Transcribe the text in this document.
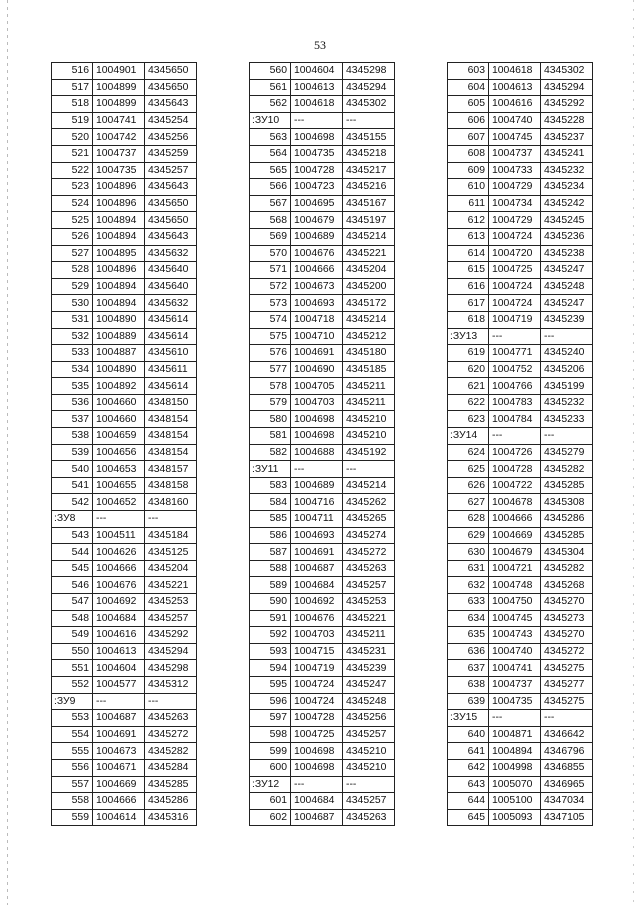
53
516	1004901	4345650
517	1004899	4345650
518	1004899	4345643
519	1004741	4345254
520	1004742	4345256
521	1004737	4345259
522	1004735	4345257
523	1004896	4345643
524	1004896	4345650
525	1004894	4345650
526	1004894	4345643
527	1004895	4345632
528	1004896	4345640
529	1004894	4345640
530	1004894	4345632
531	1004890	4345614
532	1004889	4345614
533	1004887	4345610
534	1004890	4345611
535	1004892	4345614
536	1004660	4348150
537	1004660	4348154
538	1004659	4348154
539	1004656	4348154
540	1004653	4348157
541	1004655	4348158
542	1004652	4348160
:ЗУ8	---	---
543	1004511	4345184
544	1004626	4345125
545	1004666	4345204
546	1004676	4345221
547	1004692	4345253
548	1004684	4345257
549	1004616	4345292
550	1004613	4345294
551	1004604	4345298
552	1004577	4345312
:ЗУ9	---	---
553	1004687	4345263
554	1004691	4345272
555	1004673	4345282
556	1004671	4345284
557	1004669	4345285
558	1004666	4345286
559	1004614	4345316
560	1004604	4345298
561	1004613	4345294
562	1004618	4345302
:ЗУ10	---	---
563	1004698	4345155
564	1004735	4345218
565	1004728	4345217
566	1004723	4345216
567	1004695	4345167
568	1004679	4345197
569	1004689	4345214
570	1004676	4345221
571	1004666	4345204
572	1004673	4345200
573	1004693	4345172
574	1004718	4345214
575	1004710	4345212
576	1004691	4345180
577	1004690	4345185
578	1004705	4345211
579	1004703	4345211
580	1004698	4345210
581	1004698	4345210
582	1004688	4345192
:ЗУ11	---	---
583	1004689	4345214
584	1004716	4345262
585	1004711	4345265
586	1004693	4345274
587	1004691	4345272
588	1004687	4345263
589	1004684	4345257
590	1004692	4345253
591	1004676	4345221
592	1004703	4345211
593	1004715	4345231
594	1004719	4345239
595	1004724	4345247
596	1004724	4345248
597	1004728	4345256
598	1004725	4345257
599	1004698	4345210
600	1004698	4345210
:ЗУ12	---	---
601	1004684	4345257
602	1004687	4345263
603	1004618	4345302
604	1004613	4345294
605	1004616	4345292
606	1004740	4345228
607	1004745	4345237
608	1004737	4345241
609	1004733	4345232
610	1004729	4345234
611	1004734	4345242
612	1004729	4345245
613	1004724	4345236
614	1004720	4345238
615	1004725	4345247
616	1004724	4345248
617	1004724	4345247
618	1004719	4345239
:ЗУ13	---	---
619	1004771	4345240
620	1004752	4345206
621	1004766	4345199
622	1004783	4345232
623	1004784	4345233
:ЗУ14	---	---
624	1004726	4345279
625	1004728	4345282
626	1004722	4345285
627	1004678	4345308
628	1004666	4345286
629	1004669	4345285
630	1004679	4345304
631	1004721	4345282
632	1004748	4345268
633	1004750	4345270
634	1004745	4345273
635	1004743	4345270
636	1004740	4345272
637	1004741	4345275
638	1004737	4345277
639	1004735	4345275
:ЗУ15	---	---
640	1004871	4346642
641	1004894	4346796
642	1004998	4346855
643	1005070	4346965
644	1005100	4347034
645	1005093	4347105
